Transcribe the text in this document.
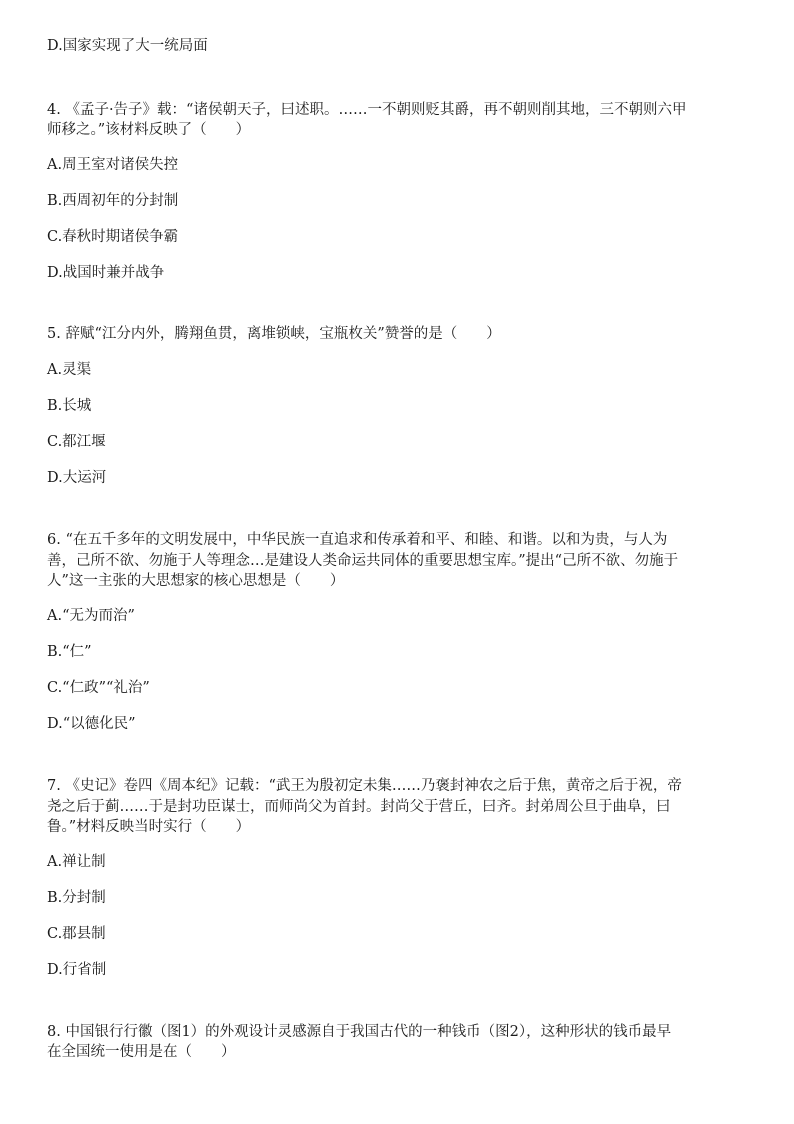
D.国家实现了大一统局面
4. 《孟子·告子》载：“诸侯朝天子，曰述职。……一不朝则贬其爵，再不朝则削其地，三不朝则六甲
师移之。”该材料反映了（　　）
A.周王室对诸侯失控
B.西周初年的分封制
C.春秋时期诸侯争霸
D.战国时兼并战争
5. 辞赋“江分内外，腾翔鱼贯，离堆锁峡，宝瓶枚关”赞誉的是（　　）
A.灵渠
B.长城
C.都江堰
D.大运河
6. “在五千多年的文明发展中，中华民族一直追求和传承着和平、和睦、和谐。以和为贵，与人为
善，己所不欲、勿施于人等理念…是建设人类命运共同体的重要思想宝库。”提出“己所不欲、勿施于
人”这一主张的大思想家的核心思想是（　　）
A.“无为而治”
B.“仁”
C.“仁政”“礼治”
D.“以德化民”
7. 《史记》卷四《周本纪》记载：“武王为殷初定未集……乃褒封神农之后于焦，黄帝之后于祝，帝
尧之后于蓟……于是封功臣谋士，而师尚父为首封。封尚父于营丘，曰齐。封弟周公旦于曲阜，曰
鲁。”材料反映当时实行（　　）
A.禅让制
B.分封制
C.郡县制
D.行省制
8. 中国银行行徽（图1）的外观设计灵感源自于我国古代的一种钱币（图2），这种形状的钱币最早
在全国统一使用是在（　　）
